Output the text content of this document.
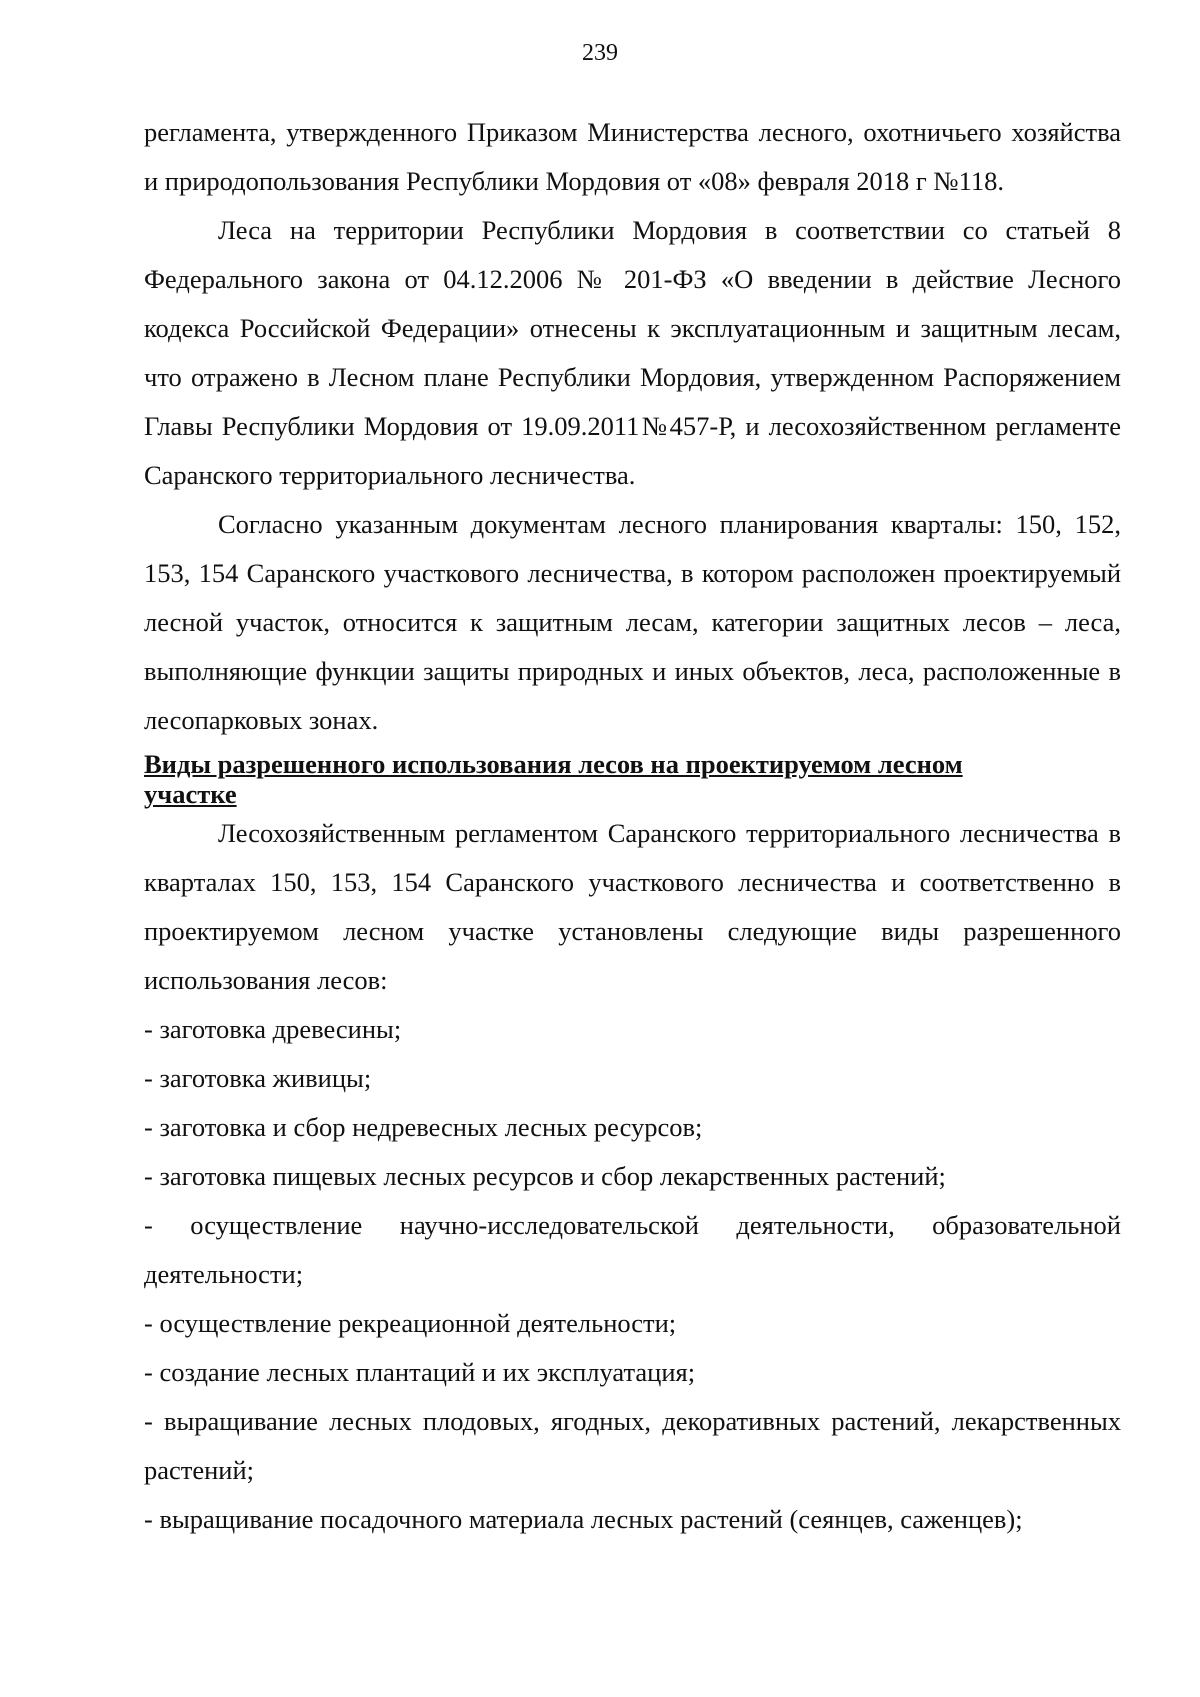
239

регламента, утвержденного Приказом Министерства лесного, охотничьего хозяйства и природопользования Республики Мордовия от «08» февраля 2018 г №118.

Леса на территории Республики Мордовия в соответствии со статьей 8 Федерального закона от 04.12.2006 № 201-ФЗ «О введении в действие Лесного кодекса Российской Федерации» отнесены к эксплуатационным и защитным лесам, что отражено в Лесном плане Республики Мордовия, утвержденном Распоряжением Главы Республики Мордовия от 19.09.2011№457-Р, и лесохозяйственном регламенте Саранского территориального лесничества.

Согласно указанным документам лесного планирования кварталы: 150, 152, 153, 154 Саранского участкового лесничества, в котором расположен проектируемый лесной участок, относится к защитным лесам, категории защитных лесов – леса, выполняющие функции защиты природных и иных объектов, леса, расположенные в лесопарковых зонах.

Виды разрешенного использования лесов на проектируемом лесном участке

Лесохозяйственным регламентом Саранского территориального лесничества в кварталах 150, 153, 154 Саранского участкового лесничества и соответственно в проектируемом лесном участке установлены следующие виды разрешенного использования лесов:

- заготовка древесины;
- заготовка живицы;
- заготовка и сбор недревесных лесных ресурсов;
- заготовка пищевых лесных ресурсов и сбор лекарственных растений;
- осуществление научно-исследовательской деятельности, образовательной деятельности;
- осуществление рекреационной деятельности;
- создание лесных плантаций и их эксплуатация;
- выращивание лесных плодовых, ягодных, декоративных растений, лекарственных растений;
- выращивание посадочного материала лесных растений (сеянцев, саженцев);
